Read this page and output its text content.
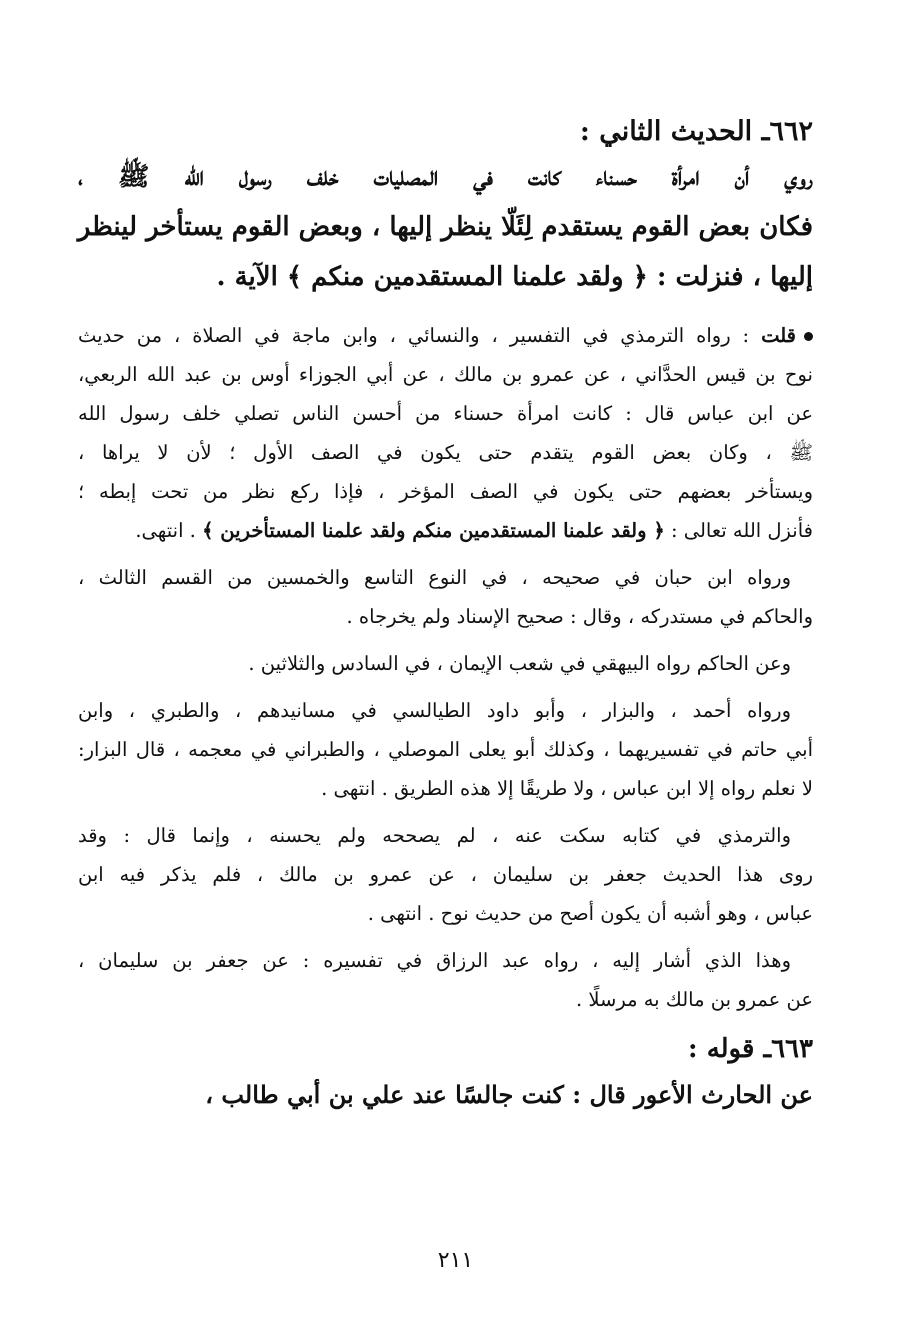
٦٦٢ـ الحديث الثاني :
روي أن امرأة حسناء كانت في المصليات خلف رسول الله ﷺ ،
فكان بعض القوم يستقدم لِئَلّا ينظر إليها ، وبعض القوم يستأخر لينظر
إليها ، فنزلت : ﴿ ولقد علمنا المستقدمين منكم ﴾ الآية .
قلت : رواه الترمذي في التفسير ، والنسائي ، وابن ماجة في الصلاة ، من حديث
نوح بن قيس الحدَّاني ، عن عمرو بن مالك ، عن أبي الجوزاء أوس بن عبد الله الربعي،
عن ابن عباس قال : كانت امرأة حسناء من أحسن الناس تصلي خلف رسول الله
ﷺ ، وكان بعض القوم يتقدم حتى يكون في الصف الأول ؛ لأن لا يراها ،
ويستأخر بعضهم حتى يكون في الصف المؤخر ، فإذا ركع نظر من تحت إبطه ؛
فأنزل الله تعالى : ﴿ ولقد علمنا المستقدمين منكم ولقد علمنا المستأخرين ﴾ . انتهى.
ورواه ابن حبان في صحيحه ، في النوع التاسع والخمسين من القسم الثالث ،
والحاكم في مستدركه ، وقال : صحيح الإسناد ولم يخرجاه .
وعن الحاكم رواه البيهقي في شعب الإيمان ، في السادس والثلاثين .
ورواه أحمد ، والبزار ، وأبو داود الطيالسي في مسانيدهم ، والطبري ، وابن
أبي حاتم في تفسيريهما ، وكذلك أبو يعلى الموصلي ، والطبراني في معجمه ، قال البزار:
لا نعلم رواه إلا ابن عباس ، ولا طريقًا إلا هذه الطريق . انتهى .
والترمذي في كتابه سكت عنه ، لم يصححه ولم يحسنه ، وإنما قال : وقد
روى هذا الحديث جعفر بن سليمان ، عن عمرو بن مالك ، فلم يذكر فيه ابن
عباس ، وهو أشبه أن يكون أصح من حديث نوح . انتهى .
وهذا الذي أشار إليه ، رواه عبد الرزاق في تفسيره : عن جعفر بن سليمان ،
عن عمرو بن مالك به مرسلًا .
٦٦٣ـ قوله :
عن الحارث الأعور قال : كنت جالسًا عند علي بن أبي طالب ،
٢١١
